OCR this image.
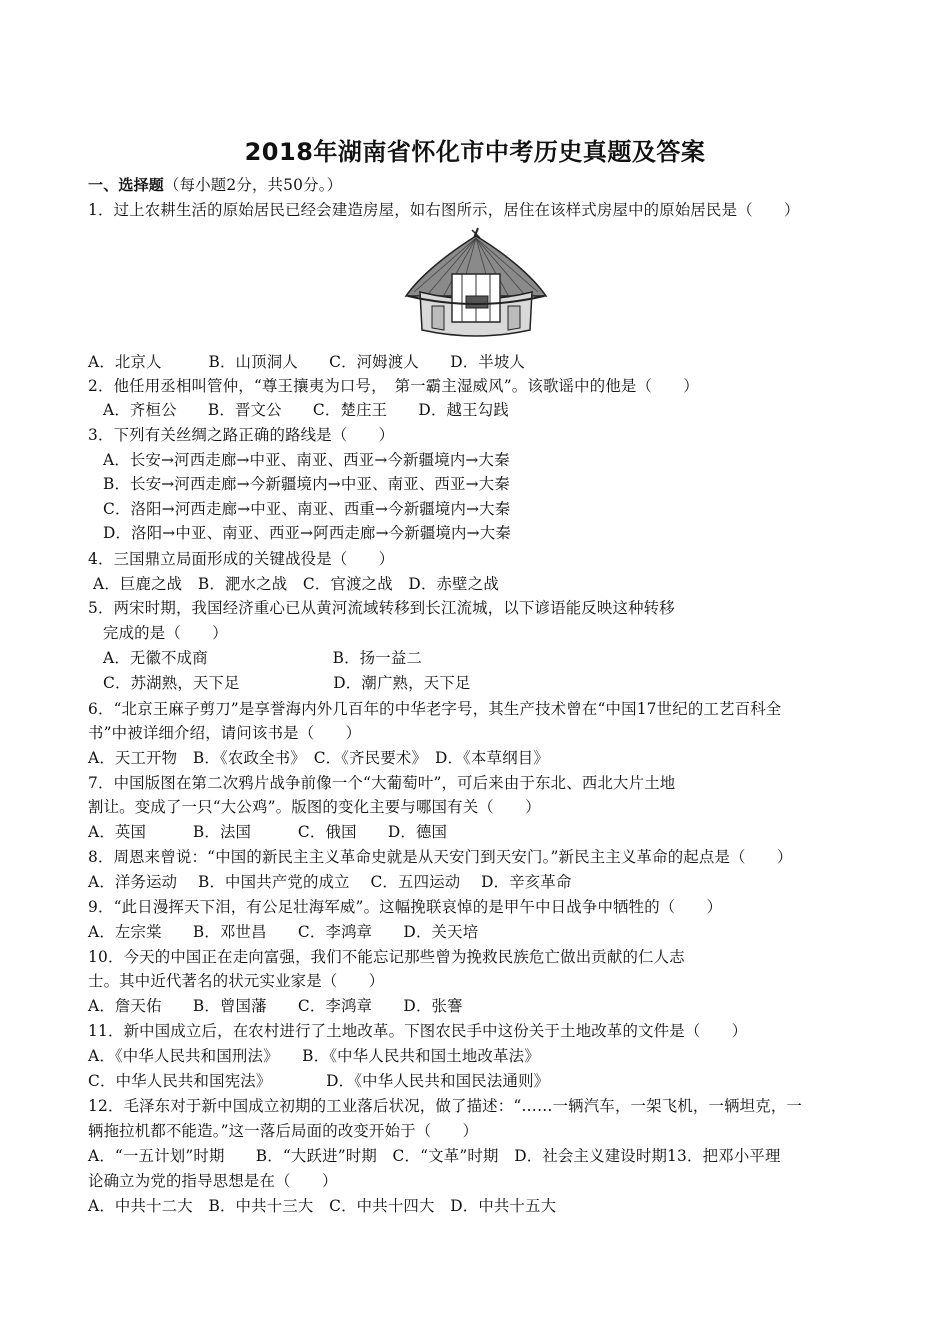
2018年湖南省怀化市中考历史真题及答案
一、选择题（每小题2分，共50分。）
1．过上农耕生活的原始居民已经会建造房屋，如右图所示，居住在该样式房屋中的原始居民是（　　）
A．北京人　　　B．山顶洞人　　C．河姆渡人　　D．半坡人
2．他任用丞相叫管仲，“尊王攘夷为口号，　第一霸主湿威风”。该歌谣中的他是（　　）
A．齐桓公　　B．晋文公　　C．楚庄王　　D．越王勾践
3．下列有关丝绸之路正确的路线是（　　）
A．长安→河西走廊→中亚、南亚、西亚→今新疆境内→大秦
B．长安→河西走廊→今新疆境内→中亚、南亚、西亚→大秦
C．洛阳→河西走廊→中亚、南亚、西重→今新疆境内→大秦
D．洛阳→中亚、南亚、西亚→阿西走廊→今新疆境内→大秦
4．三国鼎立局面形成的关键战役是（　　）
A．巨鹿之战　B．淝水之战　C．官渡之战　D．赤壁之战
5．两宋时期，我国经济重心已从黄河流域转移到长江流城，以下谚语能反映这种转移
完成的是（　　）
A．无徽不成商　　　　　　　　B．扬一益二
C．苏湖熟，天下足　　　　　　D．潮广熟，天下足
6．“北京王麻子剪刀”是享誉海内外几百年的中华老字号，其生产技术曾在“中国17世纪的工艺百科全
书”中被详细介绍，请问该书是（　　）
A．天工开物　B．《农政全书》　C．《齐民要术》　D．《本草纲目》
7．中国版图在第二次鸦片战争前像一个“大葡萄叶”，可后来由于东北、西北大片土地
割让。变成了一只“大公鸡”。版图的变化主要与哪国有关（　　）
A．英国　　　B．法国　　　C．俄国　　D．德国
8．周恩来曾说：“中国的新民主主义革命史就是从天安门到天安门。”新民主主义革命的起点是（　　）
A．洋务运动　 B．中国共产党的成立　 C．五四运动　 D．辛亥革命
9．“此日漫挥天下泪，有公足壮海军威”。这幅挽联哀悼的是甲午中日战争中牺牲的（　　）
A．左宗棠　　B．邓世昌　　C．李鸿章　　D．关天培
10．今天的中国正在走向富强，我们不能忘记那些曾为挽救民族危亡做出贡献的仁人志
士。其中近代著名的状元实业家是（　　）
A．詹天佑　　B．曾国藩　　C．李鸿章　　D．张謇
11．新中国成立后，在农村进行了土地改革。下图农民手中这份关于土地改革的文件是（　　）
A．《中华人民共和国刑法》　　B．《中华人民共和国土地改革法》
C．中华人民共和国宪法》　　　　D．《中华人民共和国民法通则》
12．毛泽东对于新中国成立初期的工业落后状况，做了描述：“……一辆汽车，一架飞机，一辆坦克，一
辆拖拉机都不能造。”这一落后局面的改变开始于（　　）
A．“一五计划”时期　　B．“大跃进”时期　C．“文革”时期　D．社会主义建设时期13．把邓小平理
论确立为党的指导思想是在（　　）
A．中共十二大　B．中共十三大　C．中共十四大　D．中共十五大
